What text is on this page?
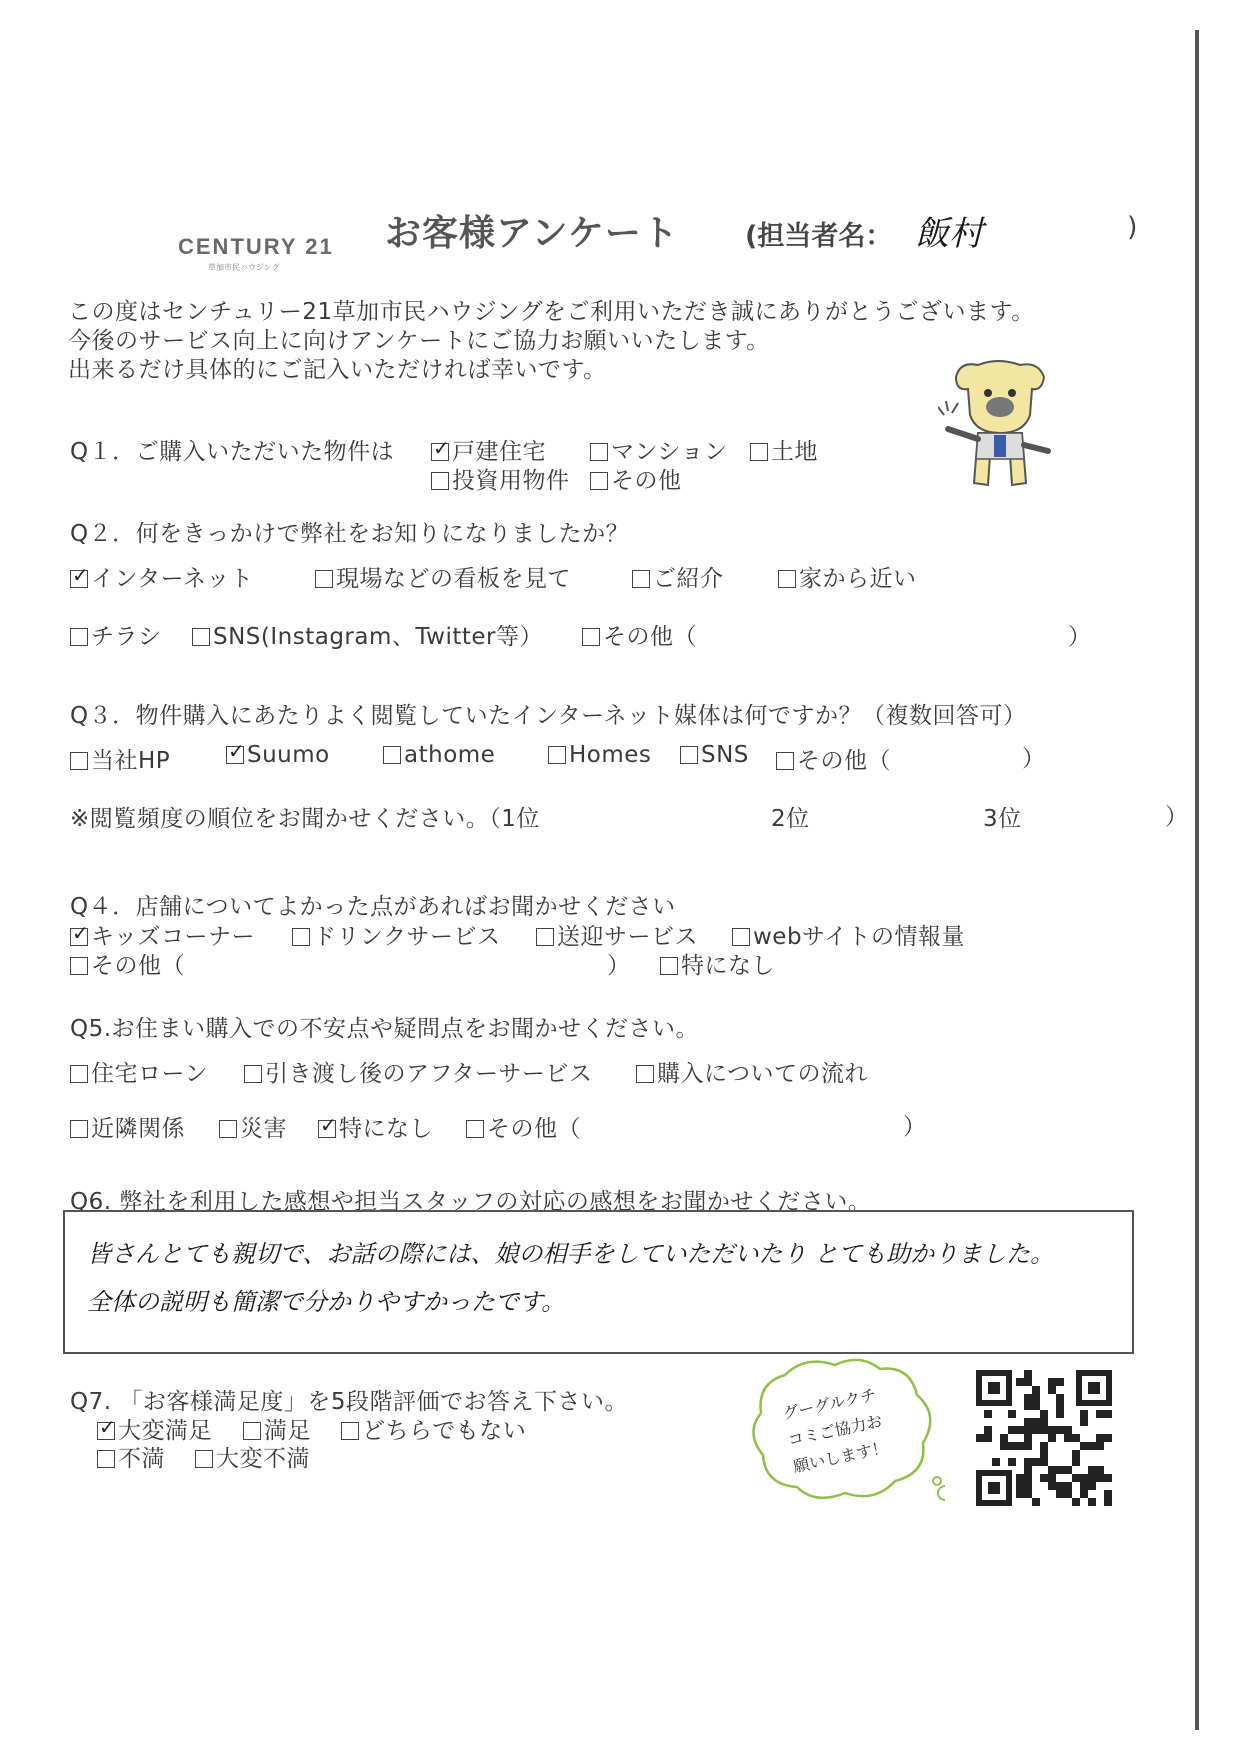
CENTURY 21
草加市民ハウジング
お客様アンケート (担当者名： 飯村	)
この度はセンチュリー21草加市民ハウジングをご利用いただき誠にありがとうございます。
今後のサービス向上に向けアンケートにご協力お願いいたします。
出来るだけ具体的にご記入いただければ幸いです。
Q１．ご購入いただいた物件は ✓	戸建住宅	マンション	土地
投資用物件	その他
Q２．何をきっかけで弊社をお知りになりましたか？
✓インターネット	現場などの看板を見て	ご紹介	家から近い
チラシ	SNS(Instagram、Twitter等）	その他（	）
Q３．物件購入にあたりよく閲覧していたインターネット媒体は何ですか？（複数回答可）
当社HP ✓	Suumo	athome	Homes	SNS	その他（	）
※閲覧頻度の順位をお聞かせください。（1位	2位	3位	）
Q４．店舗についてよかった点があればお聞かせください
✓キッズコーナー	ドリンクサービス	送迎サービス	webサイトの情報量
その他（	）	特になし
Q5.お住まい購入での不安点や疑問点をお聞かせください。
住宅ローン	引き渡し後のアフターサービス	購入についての流れ
近隣関係	災害 ✓	特になし	その他（	）
Q6. 弊社を利用した感想や担当スタッフの対応の感想をお聞かせください。
皆さんとても親切で、お話の際には、娘の相手をしていただいたり とても助かりました。
全体の説明も簡潔で分かりやすかったです。
Q7. 「お客様満足度」を5段階評価でお答え下さい。
✓大変満足	満足	どちらでもない
不満	大変不満
グーグルクチ
コミご協力お
願いします！
